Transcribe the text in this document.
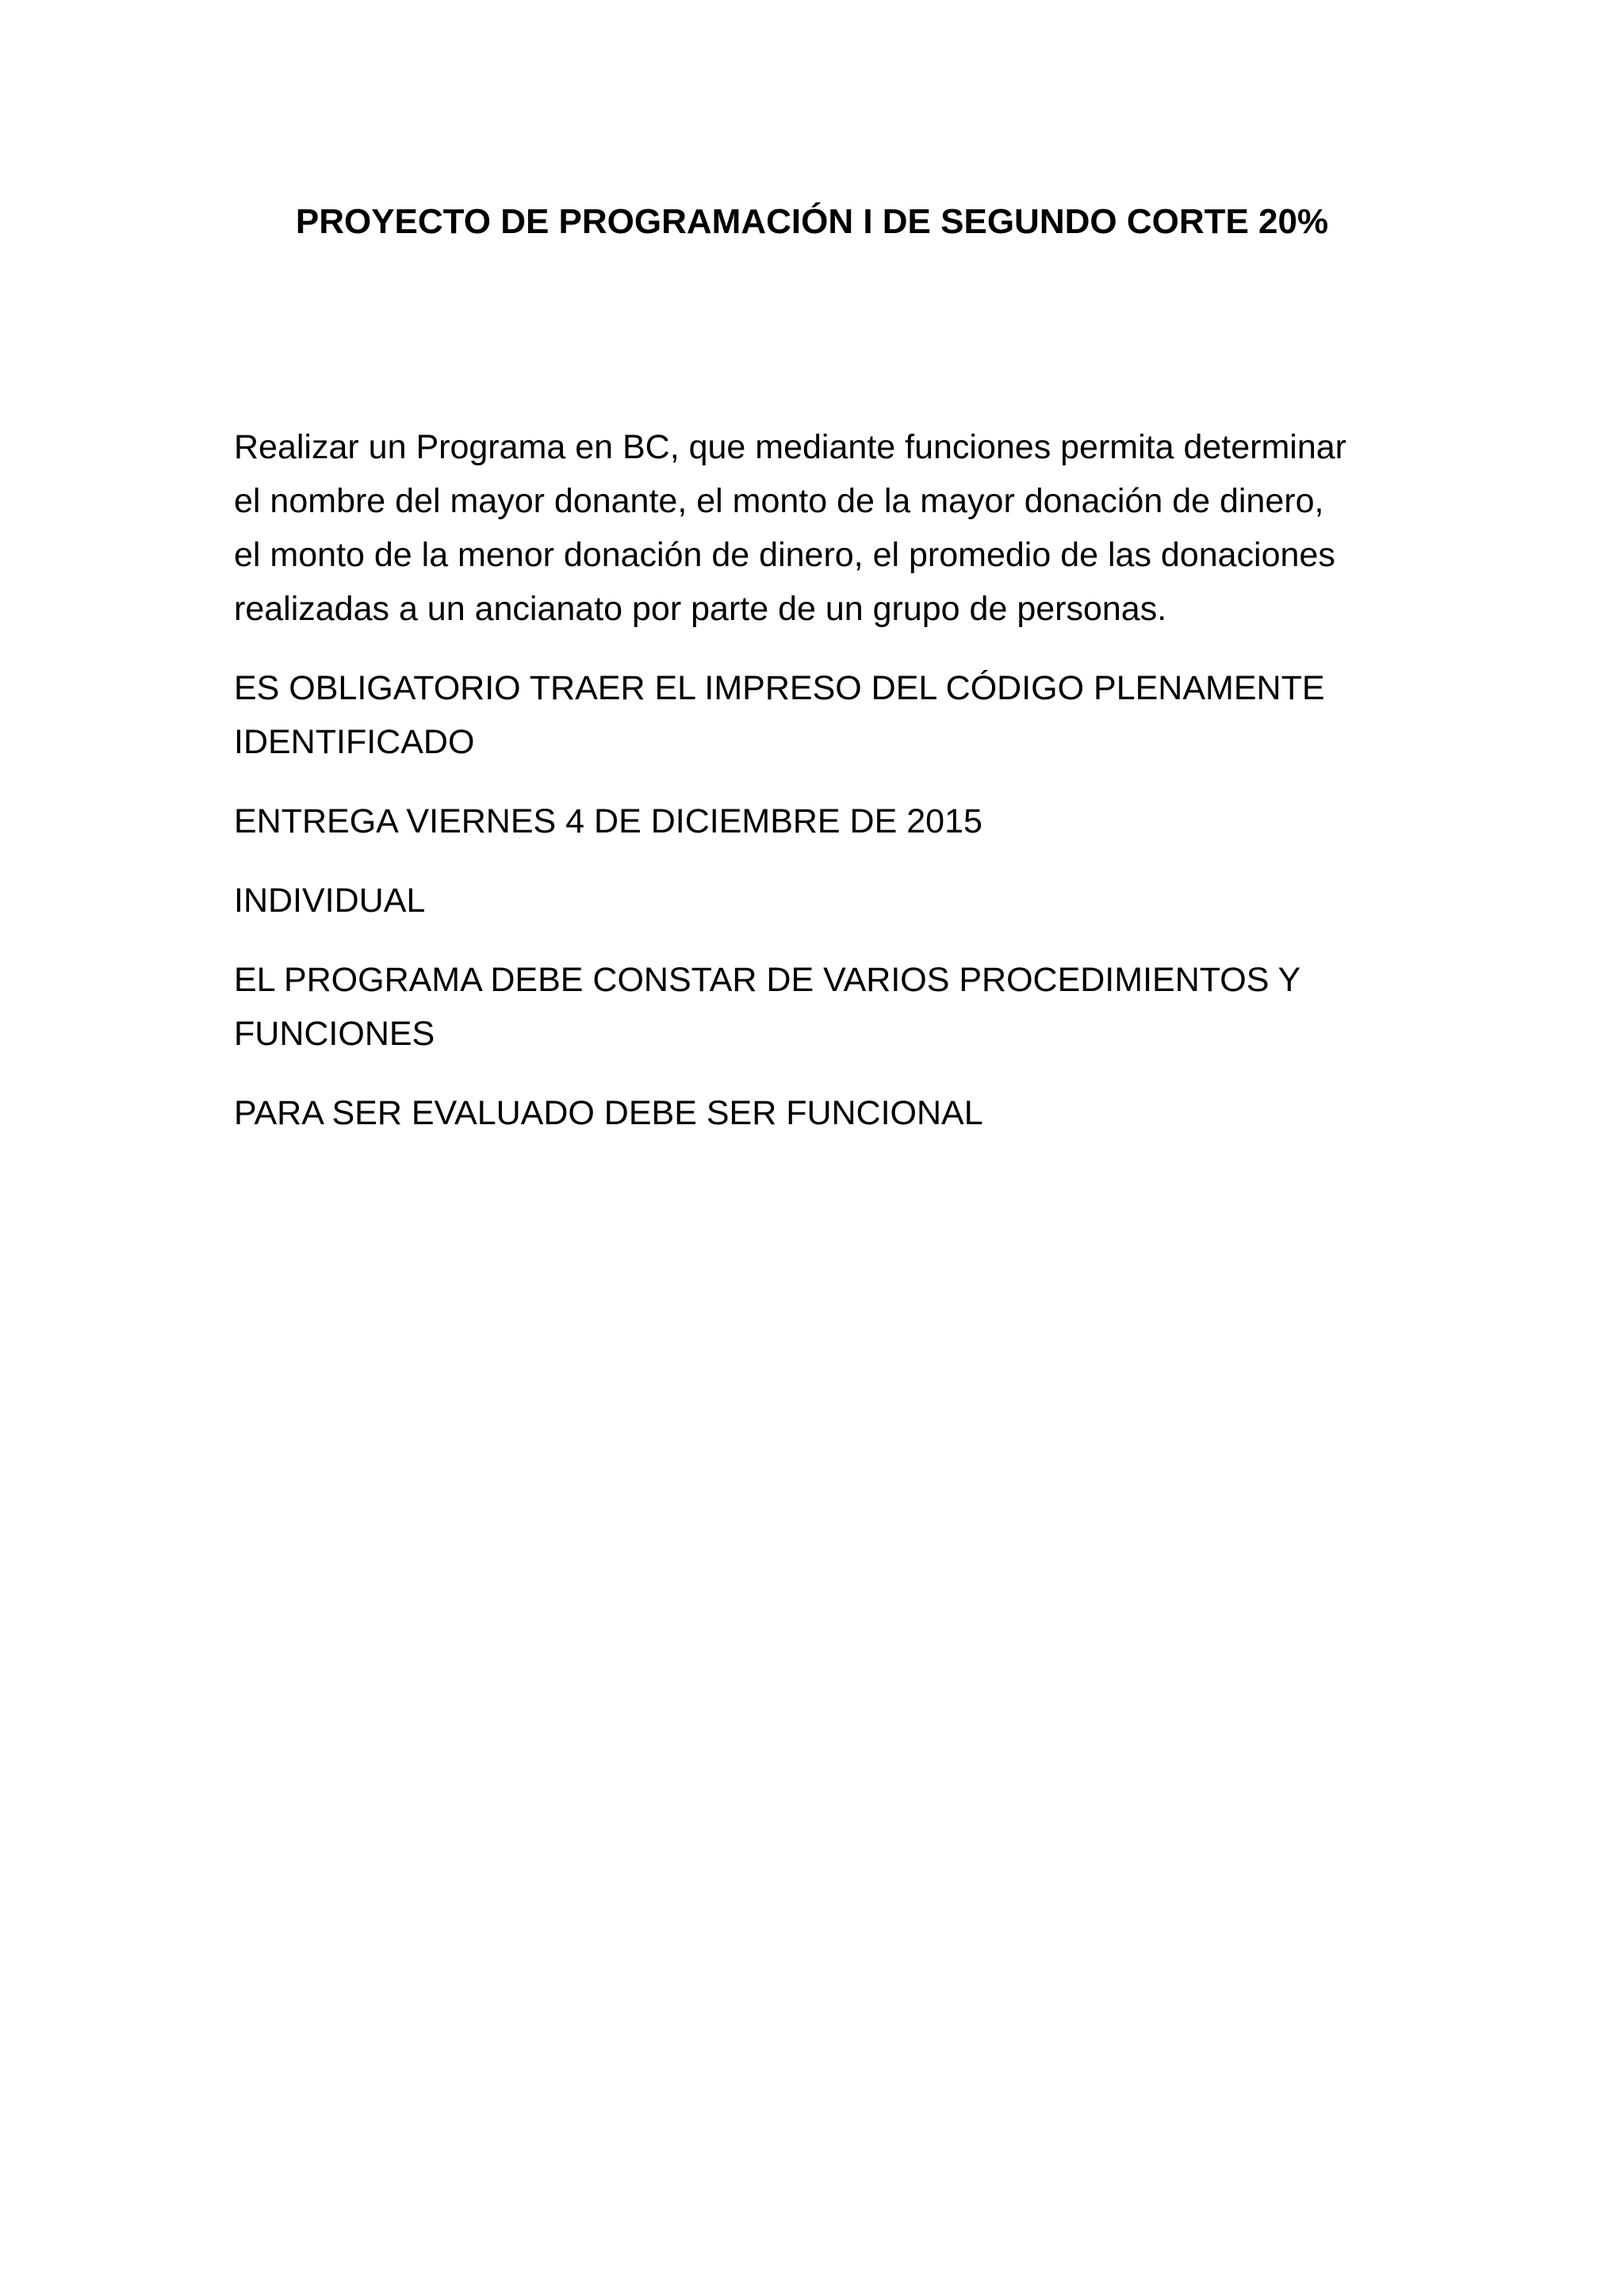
PROYECTO DE PROGRAMACIÓN I DE SEGUNDO CORTE 20%

Realizar un Programa en BC, que mediante funciones permita determinar
el nombre del mayor donante, el monto de la mayor donación de dinero,
el monto de la menor donación de dinero, el promedio de las donaciones
realizadas a un ancianato por parte de un grupo de personas.

ES OBLIGATORIO TRAER EL IMPRESO DEL CÓDIGO PLENAMENTE
IDENTIFICADO

ENTREGA VIERNES 4 DE DICIEMBRE DE 2015

INDIVIDUAL

EL PROGRAMA DEBE CONSTAR DE VARIOS PROCEDIMIENTOS Y
FUNCIONES

PARA SER EVALUADO DEBE SER FUNCIONAL
